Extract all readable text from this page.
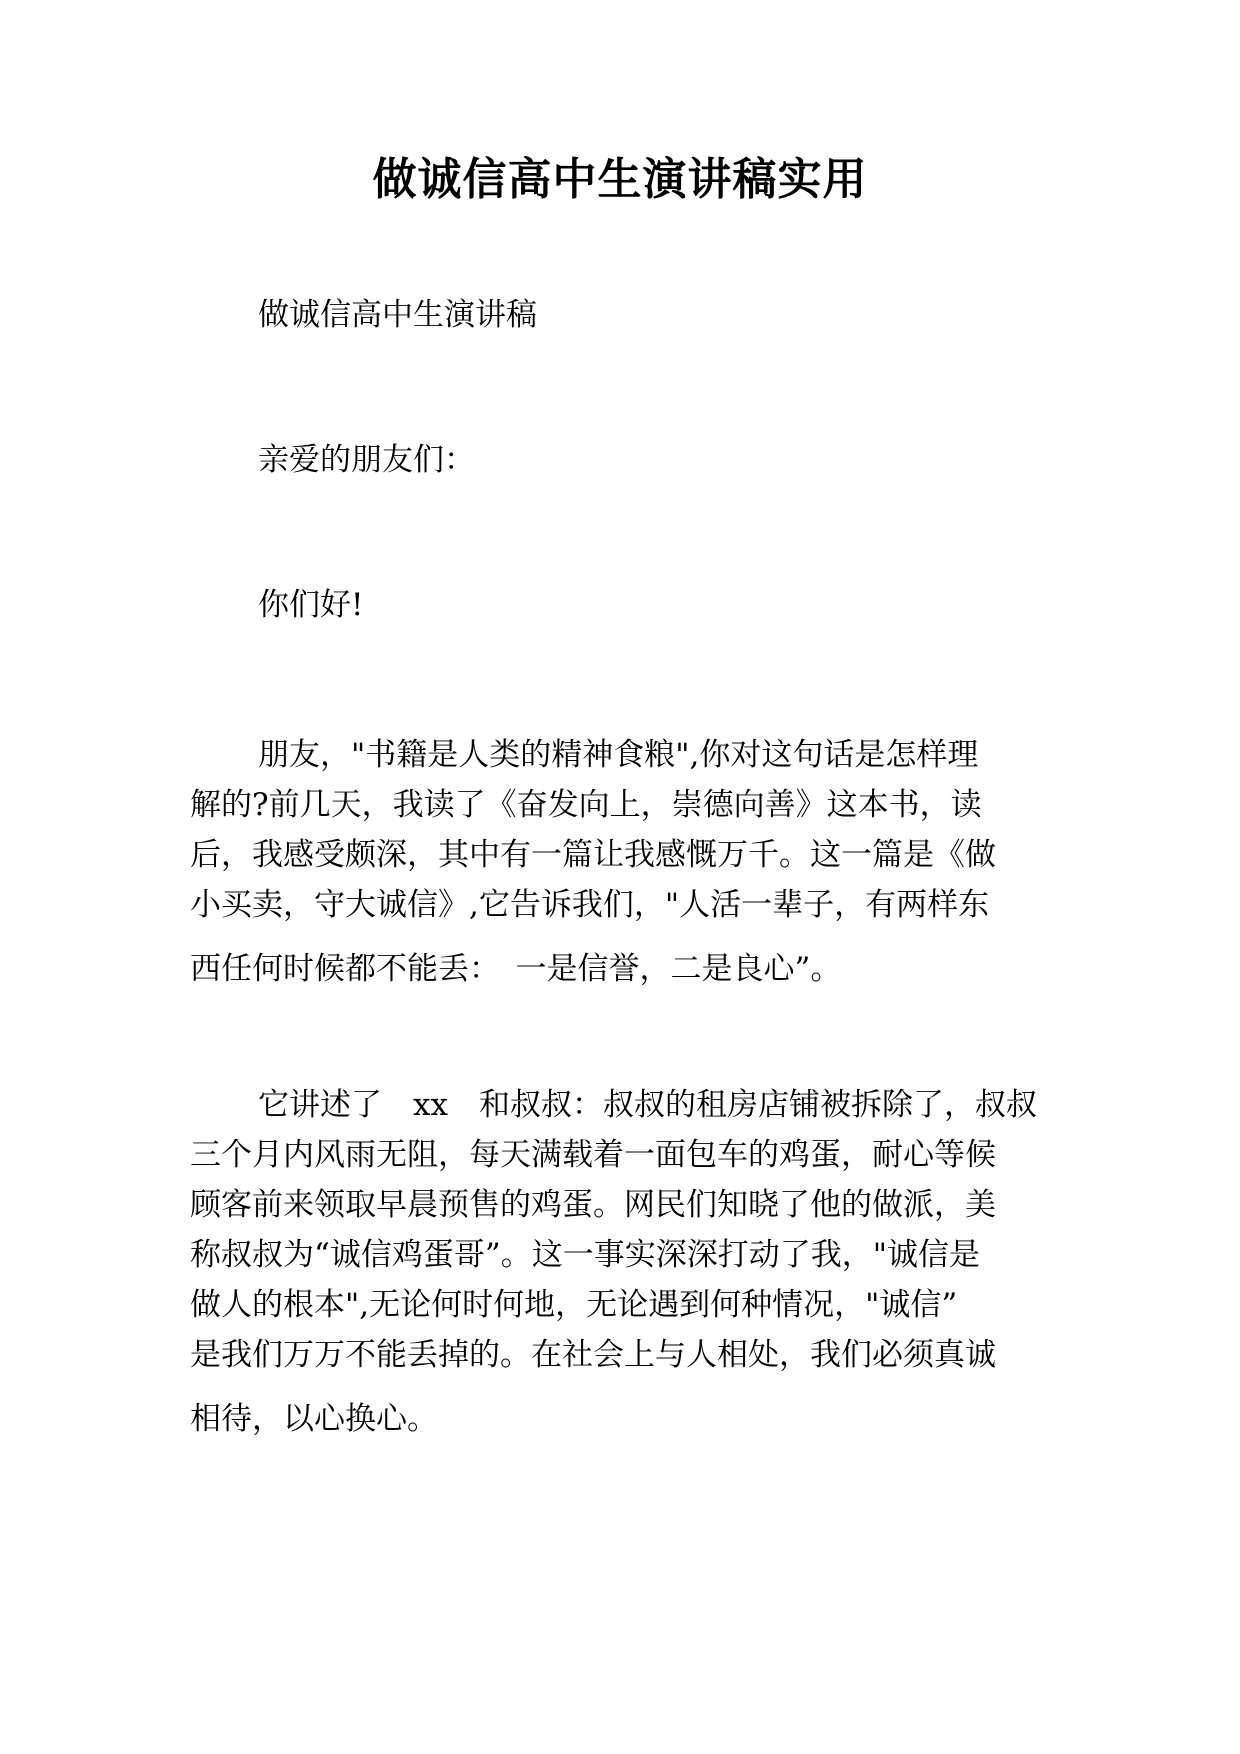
做诚信高中生演讲稿实用

做诚信高中生演讲稿

亲爱的朋友们：

你们好!

朋友，"书籍是人类的精神食粮",你对这句话是怎样理
解的?前几天，我读了《奋发向上，崇德向善》这本书，读
后，我感受颇深，其中有一篇让我感慨万千。这一篇是《做
小买卖，守大诚信》,它告诉我们，"人活一辈子，有两样东
西任何时候都不能丢：　一是信誉，二是良心”。
它讲述了　xx　和叔叔：叔叔的租房店铺被拆除了，叔叔
三个月内风雨无阻，每天满载着一面包车的鸡蛋，耐心等候
顾客前来领取早晨预售的鸡蛋。网民们知晓了他的做派，美
称叔叔为“诚信鸡蛋哥”。这一事实深深打动了我，"诚信是
做人的根本",无论何时何地，无论遇到何种情况，"诚信”
是我们万万不能丢掉的。在社会上与人相处，我们必须真诚
相待，以心换心。
